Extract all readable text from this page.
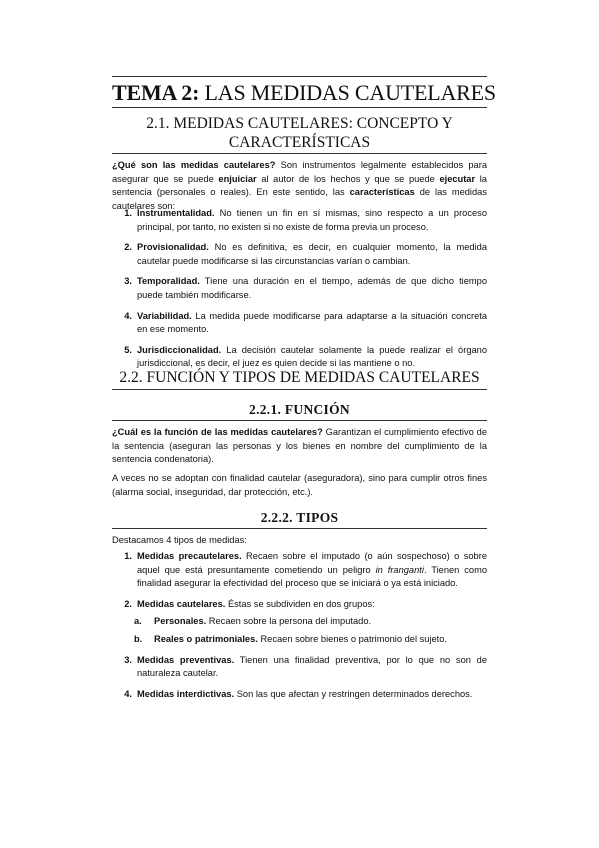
TEMA 2: LAS MEDIDAS CAUTELARES
2.1. MEDIDAS CAUTELARES: CONCEPTO Y
CARACTERÍSTICAS
¿Qué son las medidas cautelares? Son instrumentos legalmente establecidos para asegurar que se puede enjuiciar al autor de los hechos y que se puede ejecutar la sentencia (personales o reales). En este sentido, las características de las medidas cautelares son:
1. Instrumentalidad. No tienen un fin en sí mismas, sino respecto a un proceso principal, por tanto, no existen si no existe de forma previa un proceso.
2. Provisionalidad. No es definitiva, es decir, en cualquier momento, la medida cautelar puede modificarse si las circunstancias varían o cambian.
3. Temporalidad. Tiene una duración en el tiempo, además de que dicho tiempo puede también modificarse.
4. Variabilidad. La medida puede modificarse para adaptarse a la situación concreta en ese momento.
5. Jurisdiccionalidad. La decisión cautelar solamente la puede realizar el órgano jurisdiccional, es decir, el juez es quien decide si las mantiene o no.
2.2. FUNCIÓN Y TIPOS DE MEDIDAS CAUTELARES
2.2.1. FUNCIÓN
¿Cuál es la función de las medidas cautelares? Garantizan el cumplimiento efectivo de la sentencia (aseguran las personas y los bienes en nombre del cumplimiento de la sentencia condenatoria).
A veces no se adoptan con finalidad cautelar (aseguradora), sino para cumplir otros fines (alarma social, inseguridad, dar protección, etc.).
2.2.2. TIPOS
Destacamos 4 tipos de medidas:
1. Medidas precautelares. Recaen sobre el imputado (o aún sospechoso) o sobre aquel que está presuntamente cometiendo un peligro in franganti. Tienen como finalidad asegurar la efectividad del proceso que se iniciará o ya está iniciado.
2. Medidas cautelares. Éstas se subdividen en dos grupos:
a.	Personales. Recaen sobre la persona del imputado.
b.	Reales o patrimoniales. Recaen sobre bienes o patrimonio del sujeto.
3. Medidas preventivas. Tienen una finalidad preventiva, por lo que no son de naturaleza cautelar.
4. Medidas interdictivas. Son las que afectan y restringen determinados derechos.
